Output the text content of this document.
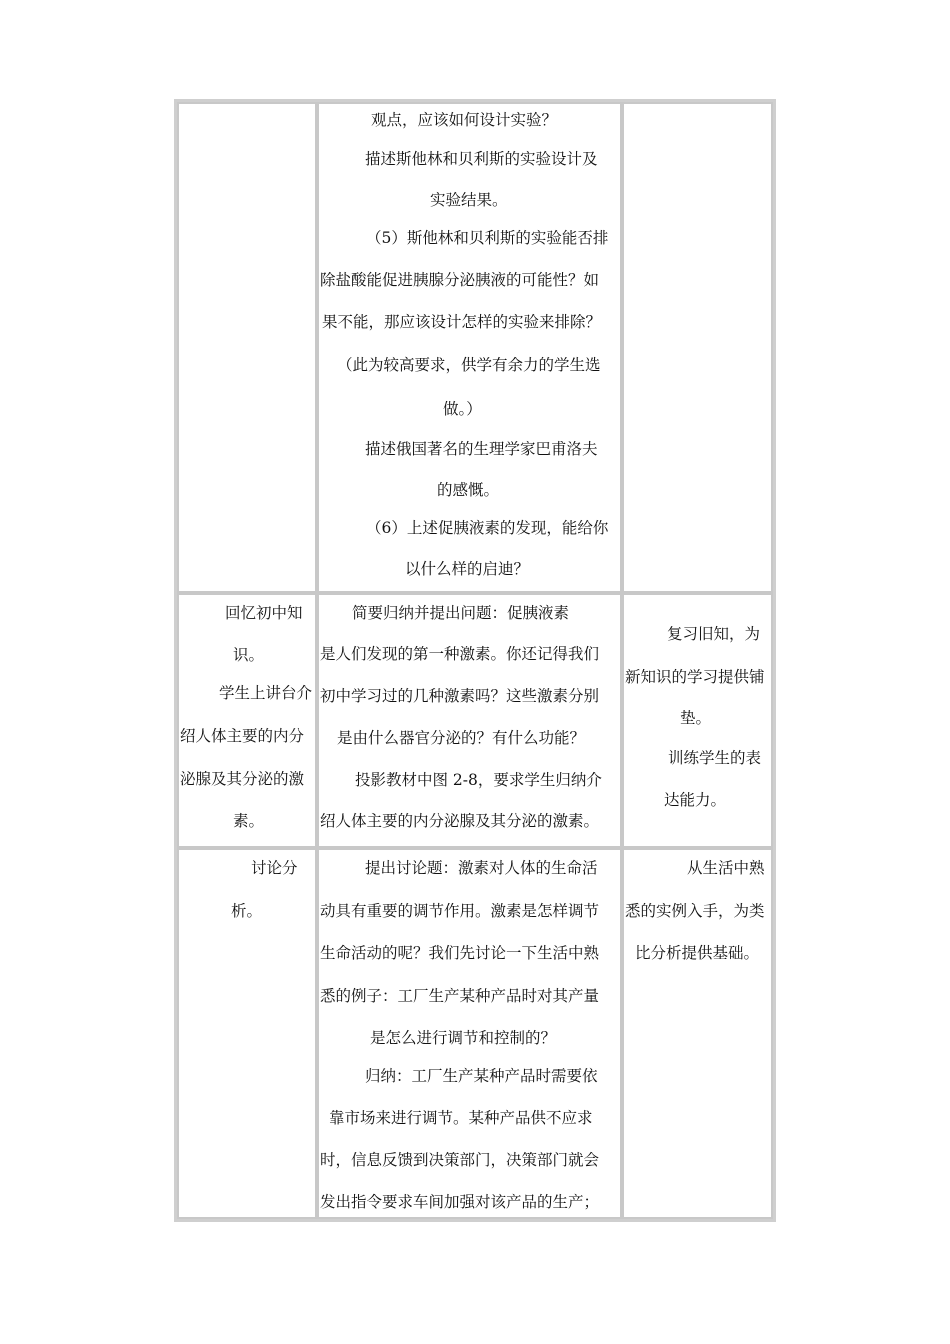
观点，应该如何设计实验？
描述斯他林和贝利斯的实验设计及
实验结果。
（5）斯他林和贝利斯的实验能否排
除盐酸能促进胰腺分泌胰液的可能性？如
果不能，那应该设计怎样的实验来排除？
（此为较高要求，供学有余力的学生选
做。）
描述俄国著名的生理学家巴甫洛夫
的感慨。
（6）上述促胰液素的发现，能给你
以什么样的启迪？
回忆初中知
识。
学生上讲台介
绍人体主要的内分
泌腺及其分泌的激
素。
简要归纳并提出问题：促胰液素
是人们发现的第一种激素。你还记得我们
初中学习过的几种激素吗？这些激素分别
是由什么器官分泌的？有什么功能？
投影教材中图 2-8，要求学生归纳介
绍人体主要的内分泌腺及其分泌的激素。
复习旧知，为
新知识的学习提供铺
垫。
训练学生的表
达能力。
讨论分
析。
提出讨论题：激素对人体的生命活
动具有重要的调节作用。激素是怎样调节
生命活动的呢？我们先讨论一下生活中熟
悉的例子：工厂生产某种产品时对其产量
是怎么进行调节和控制的？
归纳：工厂生产某种产品时需要依
靠市场来进行调节。某种产品供不应求
时，信息反馈到决策部门，决策部门就会
发出指令要求车间加强对该产品的生产；
从生活中熟
悉的实例入手，为类
比分析提供基础。
